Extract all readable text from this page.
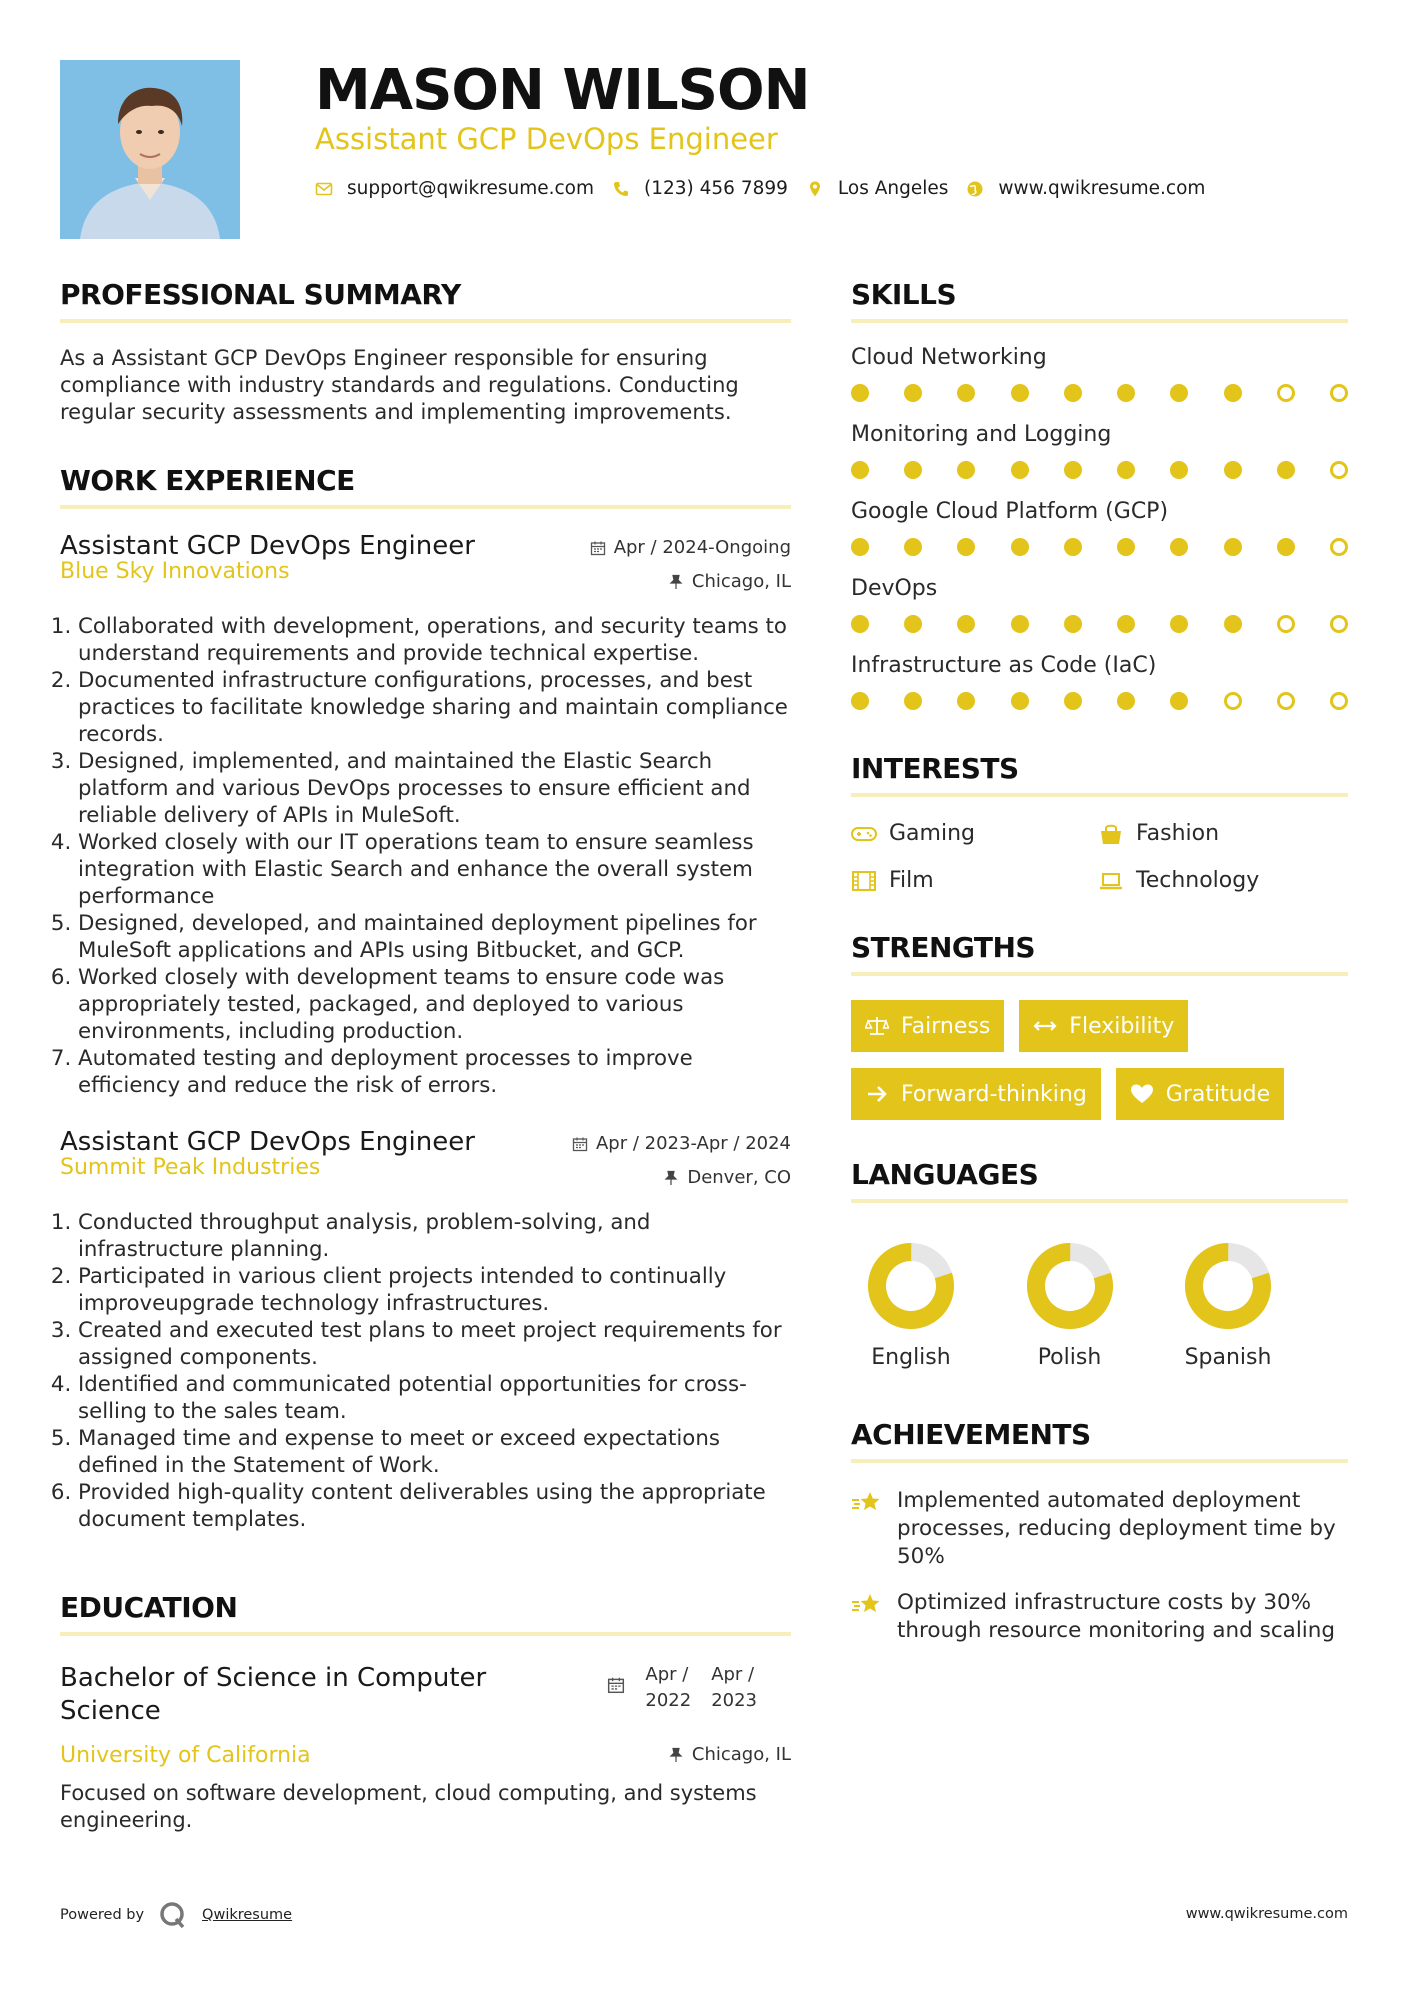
MASON WILSON
Assistant GCP DevOps Engineer
support@qwikresume.com	(123) 456 7899	Los Angeles	www.qwikresume.com
PROFESSIONAL SUMMARY

As a Assistant GCP DevOps Engineer responsible for ensuring compliance with industry standards and regulations. Conducting regular security assessments and implementing improvements.

WORK EXPERIENCE
Assistant GCP DevOps Engineer
Blue Sky Innovations
Apr / 2024-Ongoing
Chicago, IL
1. Collaborated with development, operations, and security teams to understand requirements and provide technical expertise.
2. Documented infrastructure configurations, processes, and best practices to facilitate knowledge sharing and maintain compliance records.
3. Designed, implemented, and maintained the Elastic Search platform and various DevOps processes to ensure efficient and reliable delivery of APIs in MuleSoft.
4. Worked closely with our IT operations team to ensure seamless integration with Elastic Search and enhance the overall system performance
5. Designed, developed, and maintained deployment pipelines for MuleSoft applications and APIs using Bitbucket, and GCP.
6. Worked closely with development teams to ensure code was appropriately tested, packaged, and deployed to various environments, including production.
7. Automated testing and deployment processes to improve efficiency and reduce the risk of errors.
Assistant GCP DevOps Engineer
Summit Peak Industries
Apr / 2023-Apr / 2024
Denver, CO
1. Conducted throughput analysis, problem-solving, and infrastructure planning.
2. Participated in various client projects intended to continually improveupgrade technology infrastructures.
3. Created and executed test plans to meet project requirements for assigned components.
4. Identified and communicated potential opportunities for cross-selling to the sales team.
5. Managed time and expense to meet or exceed expectations defined in the Statement of Work.
6. Provided high-quality content deliverables using the appropriate document templates.
EDUCATION
Bachelor of Science in Computer Science
Apr /
2022
Apr /
2023
University of California	Chicago, IL

Focused on software development, cloud computing, and systems engineering.

SKILLS
Cloud Networking
Monitoring and Logging
Google Cloud Platform (GCP)
DevOps
Infrastructure as Code (IaC)
INTERESTS
Gaming	Fashion
Film	Technology
STRENGTHS
Fairness	Flexibility
Forward-thinking	Gratitude
LANGUAGES
English	Polish	Spanish
ACHIEVEMENTS
Implemented automated deployment processes, reducing deployment time by 50%
Optimized infrastructure costs by 30% through resource monitoring and scaling
Powered by	Qwikresume	www.qwikresume.com
